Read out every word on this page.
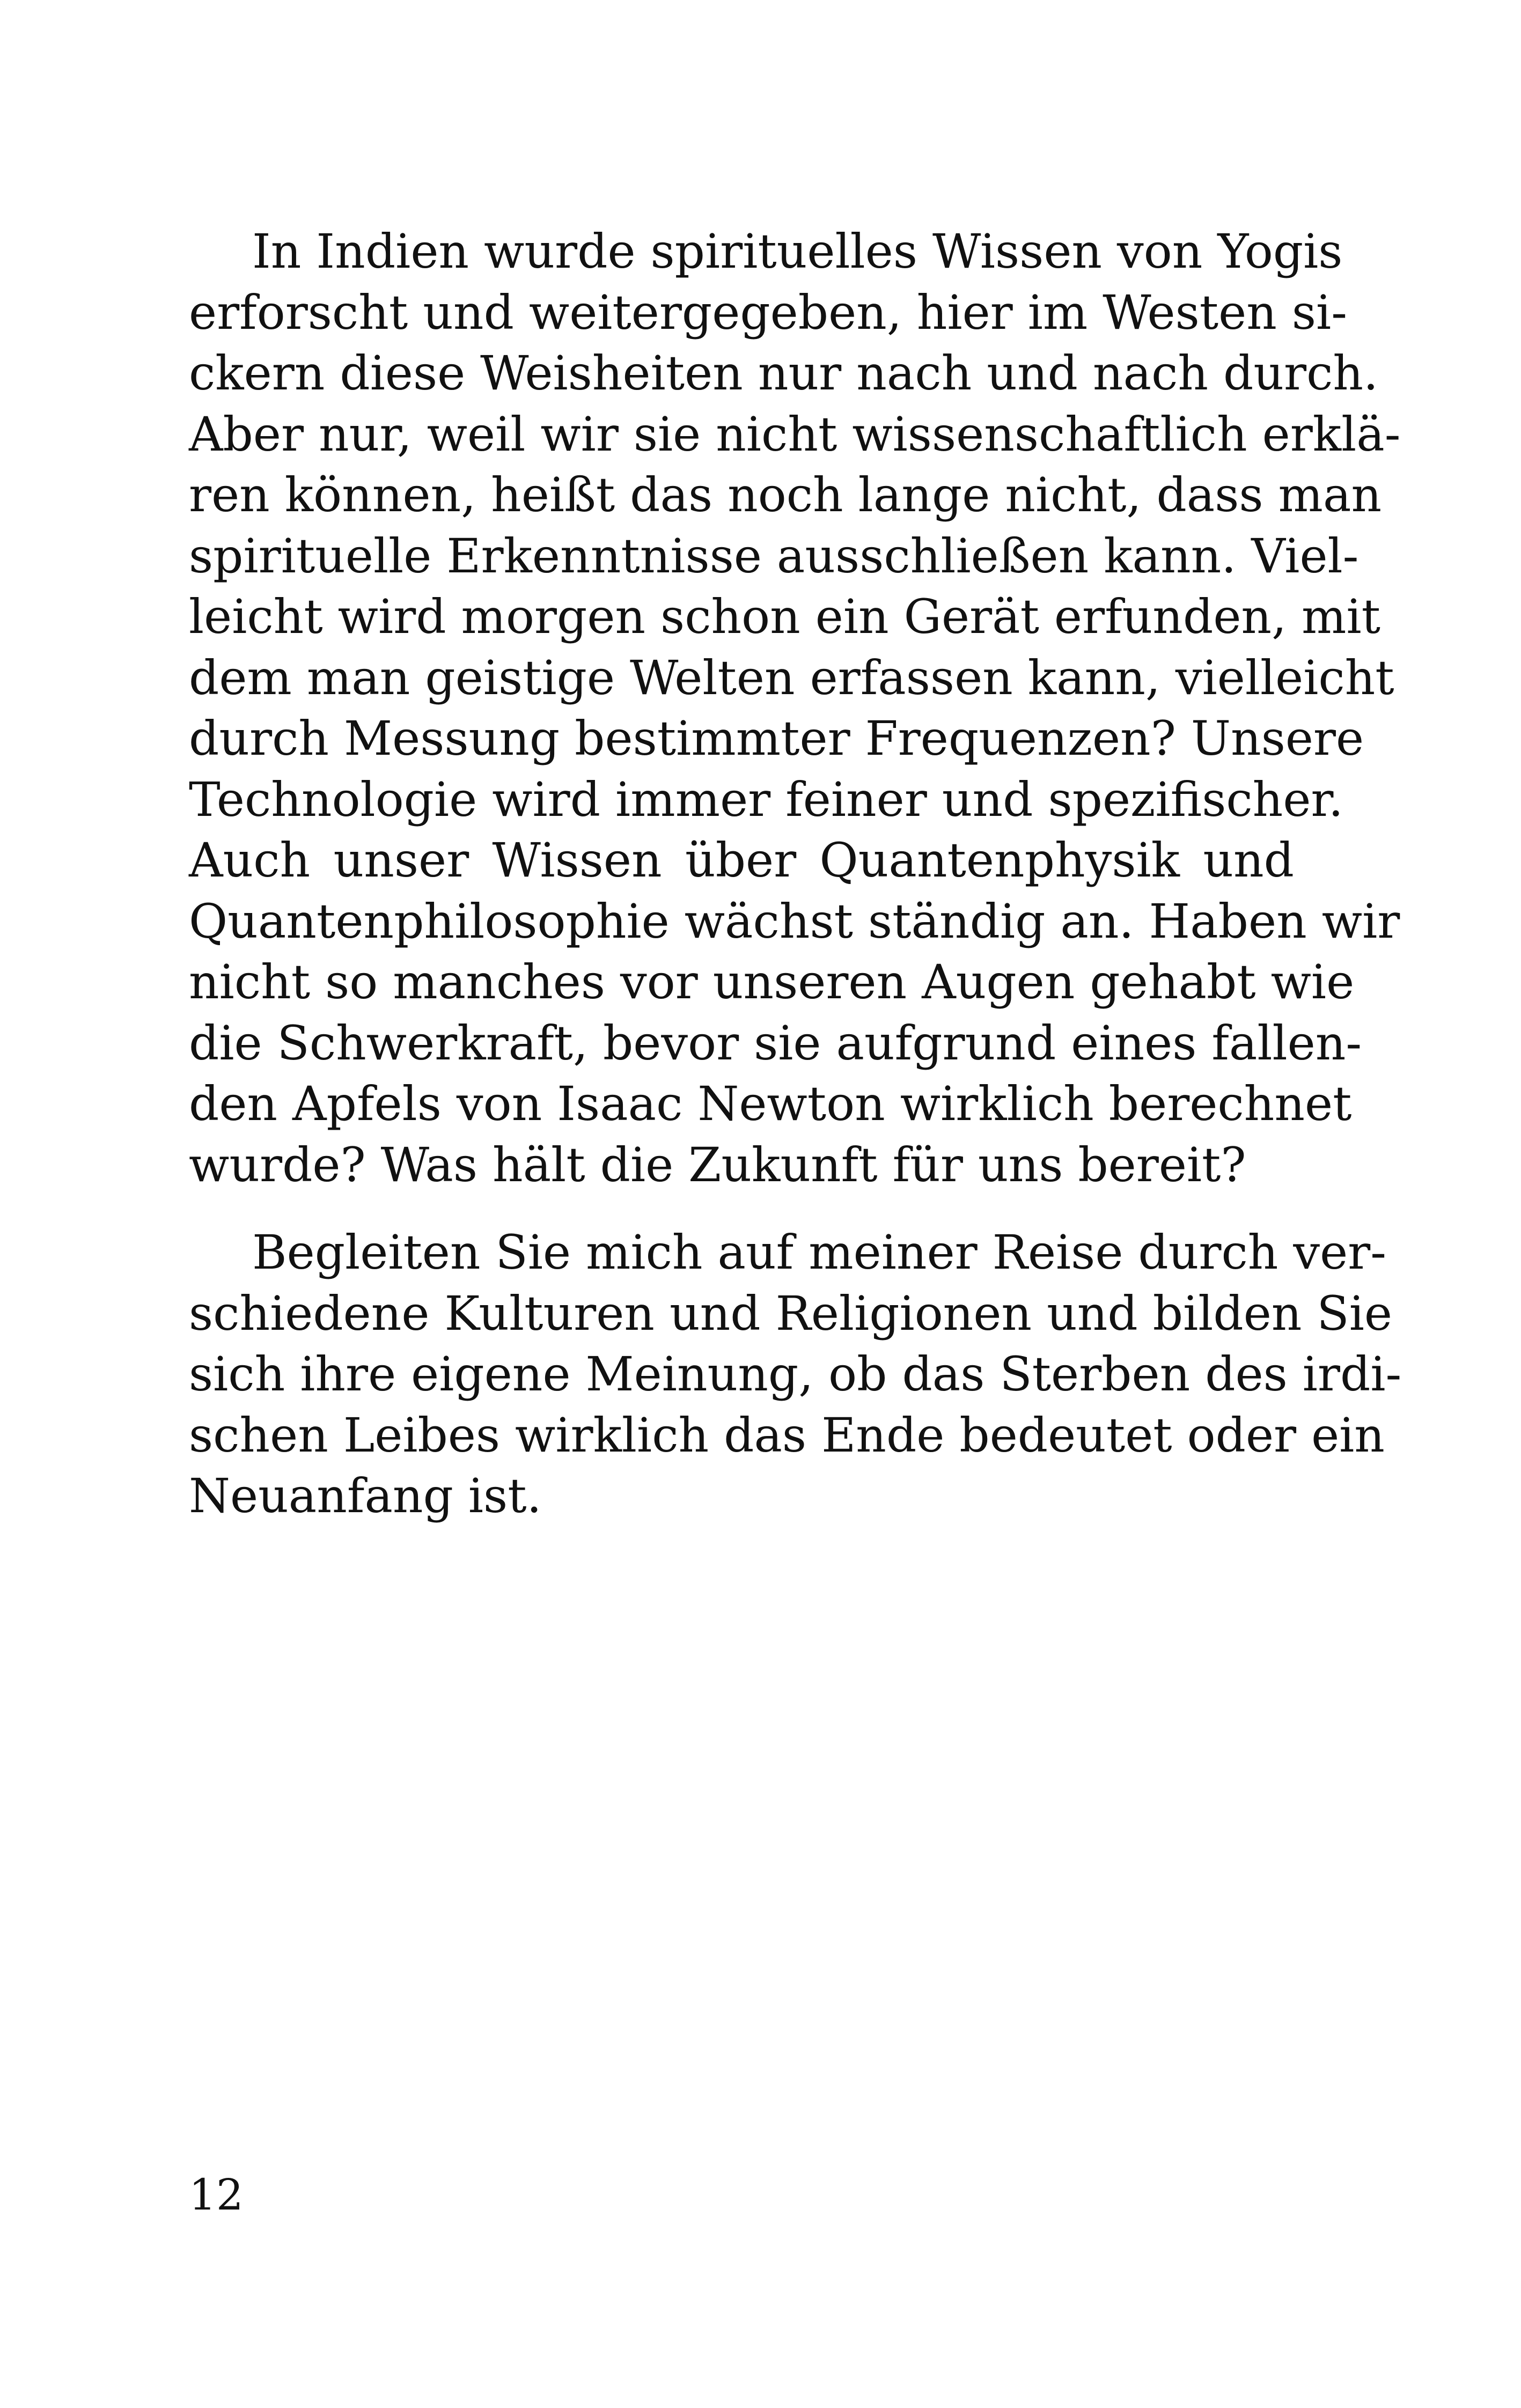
In Indien wurde spirituelles Wissen von Yogis
erforscht und weitergegeben, hier im Westen si-
ckern diese Weisheiten nur nach und nach durch.
Aber nur, weil wir sie nicht wissenschaftlich erklä-
ren können, heißt das noch lange nicht, dass man
spirituelle Erkenntnisse ausschließen kann. Viel-
leicht wird morgen schon ein Gerät erfunden, mit
dem man geistige Welten erfassen kann, vielleicht
durch Messung bestimmter Frequenzen? Unsere
Technologie wird immer feiner und spezifischer.
Auch unser Wissen über Quantenphysik und
Quantenphilosophie wächst ständig an. Haben wir
nicht so manches vor unseren Augen gehabt wie
die Schwerkraft, bevor sie aufgrund eines fallen-
den Apfels von Isaac Newton wirklich berechnet
wurde? Was hält die Zukunft für uns bereit?

Begleiten Sie mich auf meiner Reise durch ver-
schiedene Kulturen und Religionen und bilden Sie
sich ihre eigene Meinung, ob das Sterben des irdi-
schen Leibes wirklich das Ende bedeutet oder ein
Neuanfang ist.

12
